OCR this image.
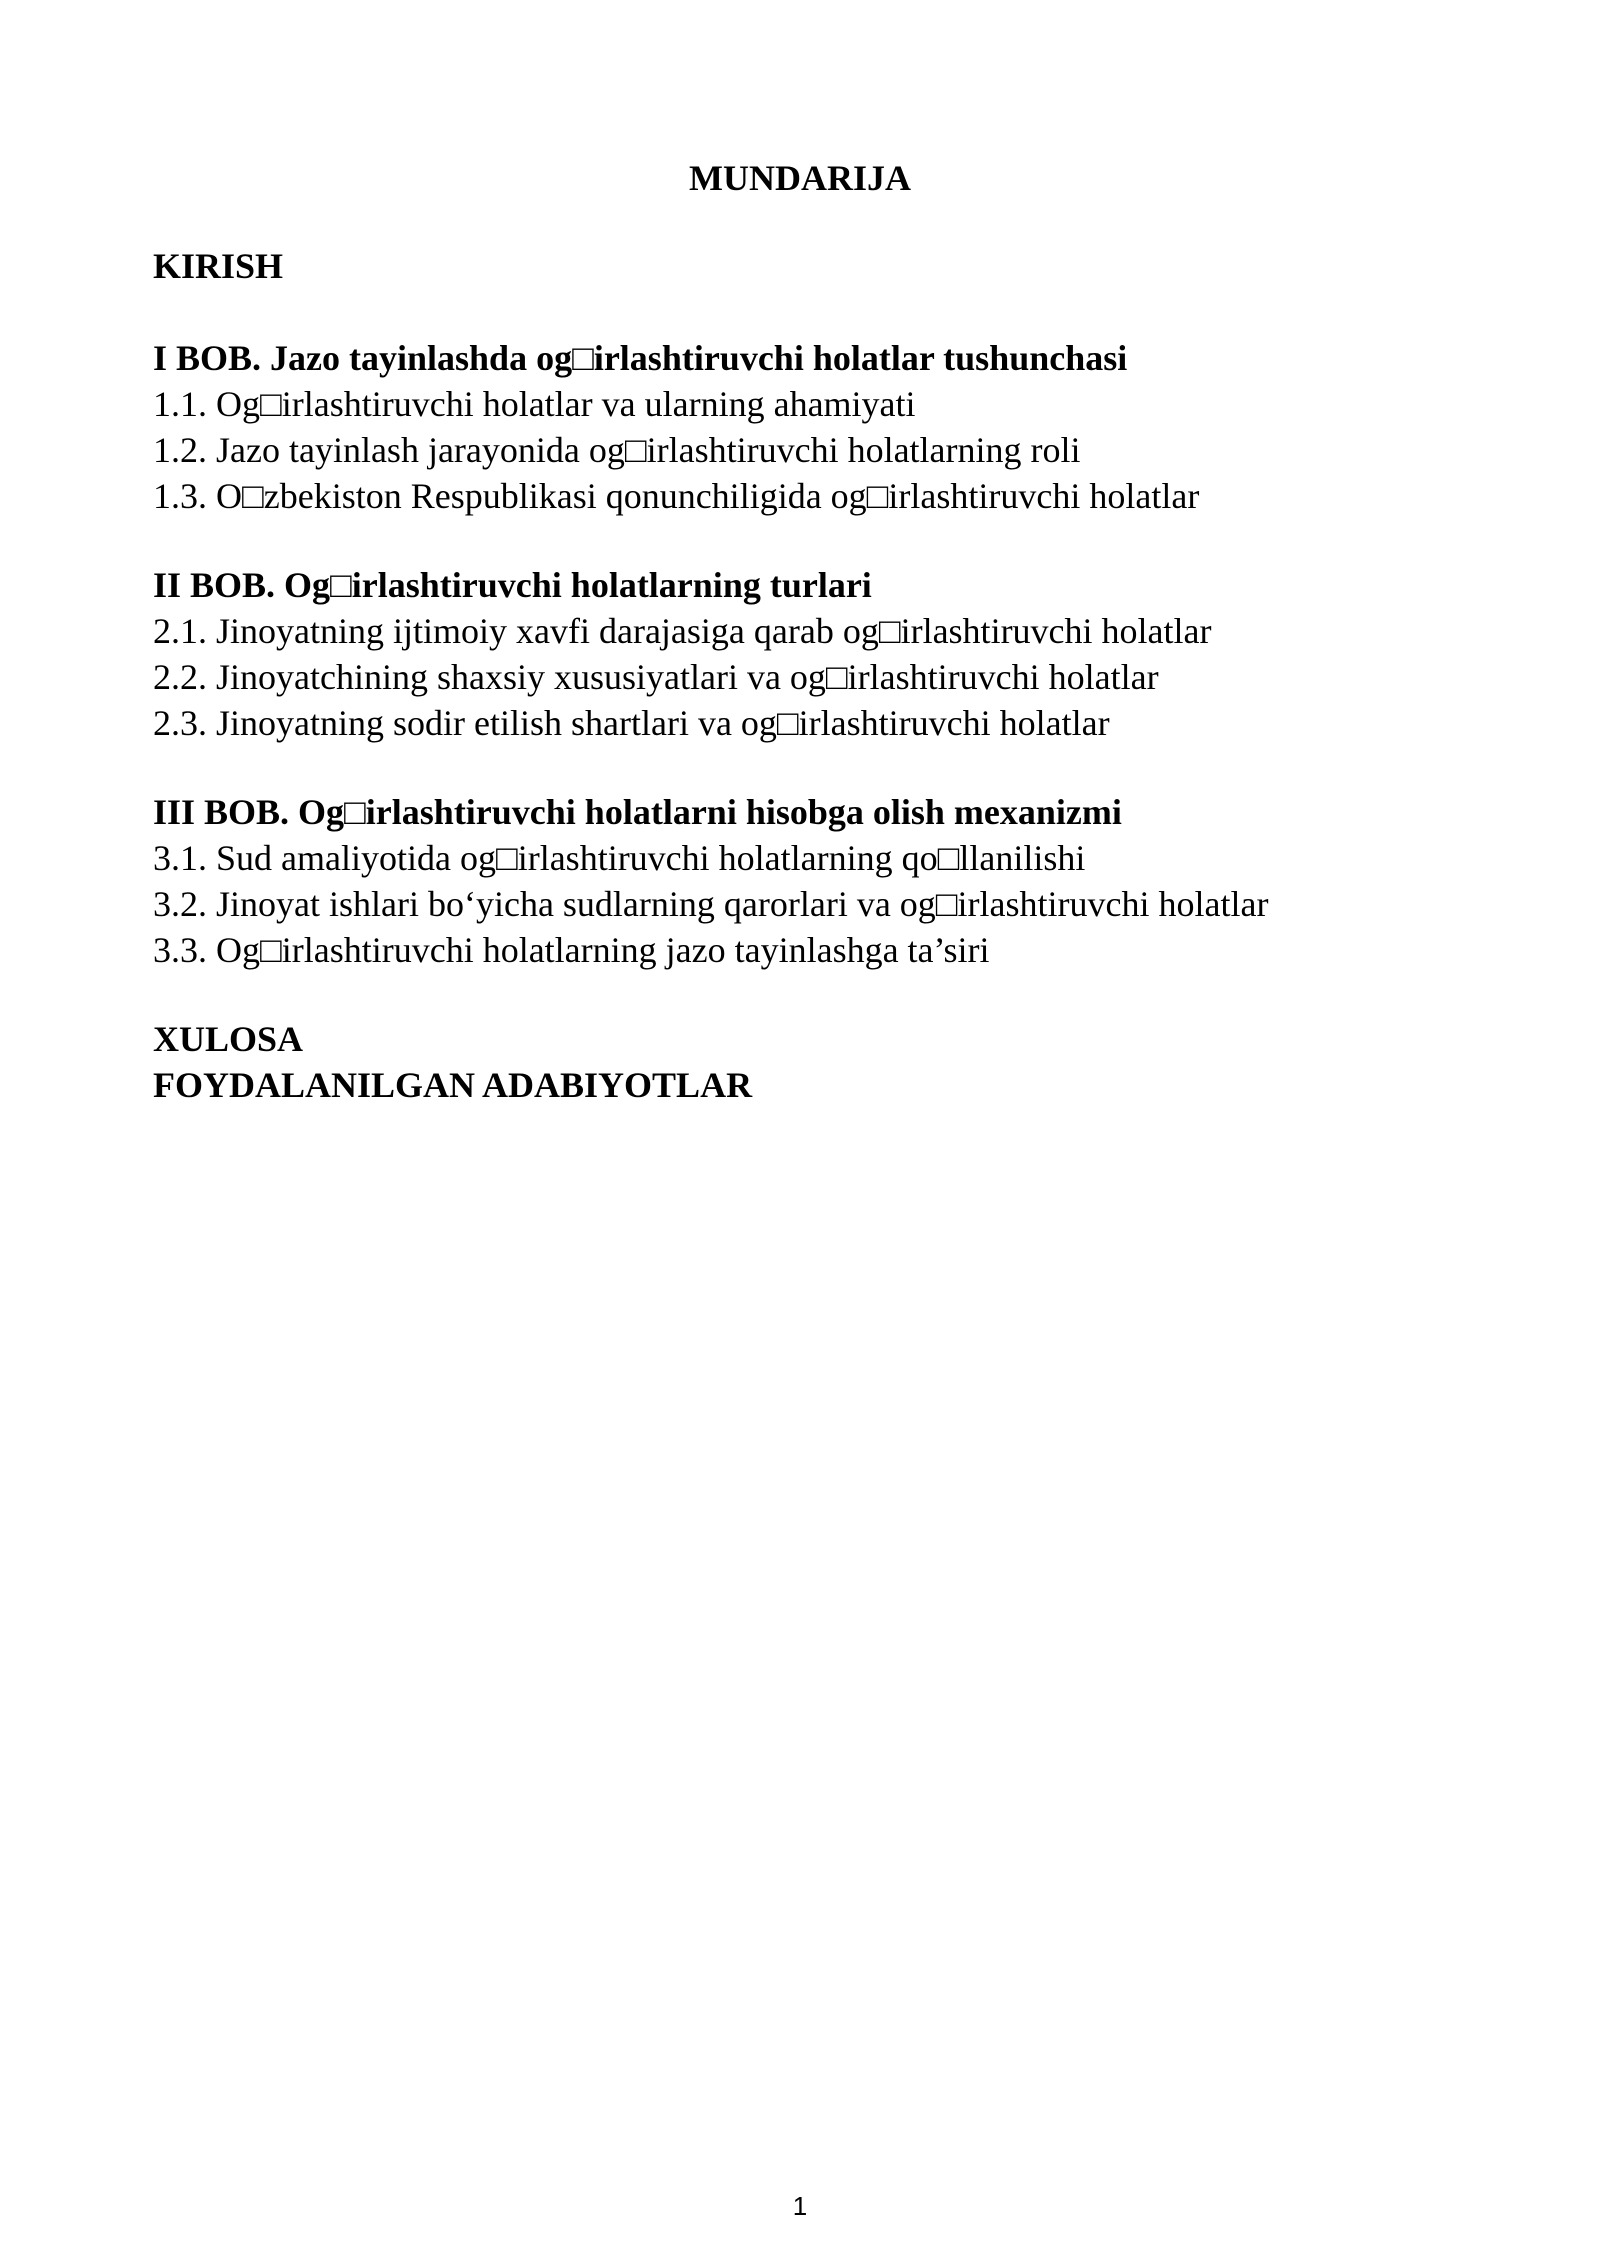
MUNDARIJA
KIRISH
I BOB. Jazo tayinlashda og□irlashtiruvchi holatlar tushunchasi
1.1. Og□irlashtiruvchi holatlar va ularning ahamiyati
1.2. Jazo tayinlash jarayonida og□irlashtiruvchi holatlarning roli
1.3. O□zbekiston Respublikasi qonunchiligida og□irlashtiruvchi holatlar
II BOB. Og□irlashtiruvchi holatlarning turlari
2.1. Jinoyatning ijtimoiy xavfi darajasiga qarab og□irlashtiruvchi holatlar
2.2. Jinoyatchining shaxsiy xususiyatlari va og□irlashtiruvchi holatlar
2.3. Jinoyatning sodir etilish shartlari va og□irlashtiruvchi holatlar
III BOB. Og□irlashtiruvchi holatlarni hisobga olish mexanizmi
3.1. Sud amaliyotida og□irlashtiruvchi holatlarning qo□llanilishi
3.2. Jinoyat ishlari bo‘yicha sudlarning qarorlari va og□irlashtiruvchi holatlar
3.3. Og□irlashtiruvchi holatlarning jazo tayinlashga ta’siri
XULOSA
FOYDALANILGAN ADABIYOTLAR
1
